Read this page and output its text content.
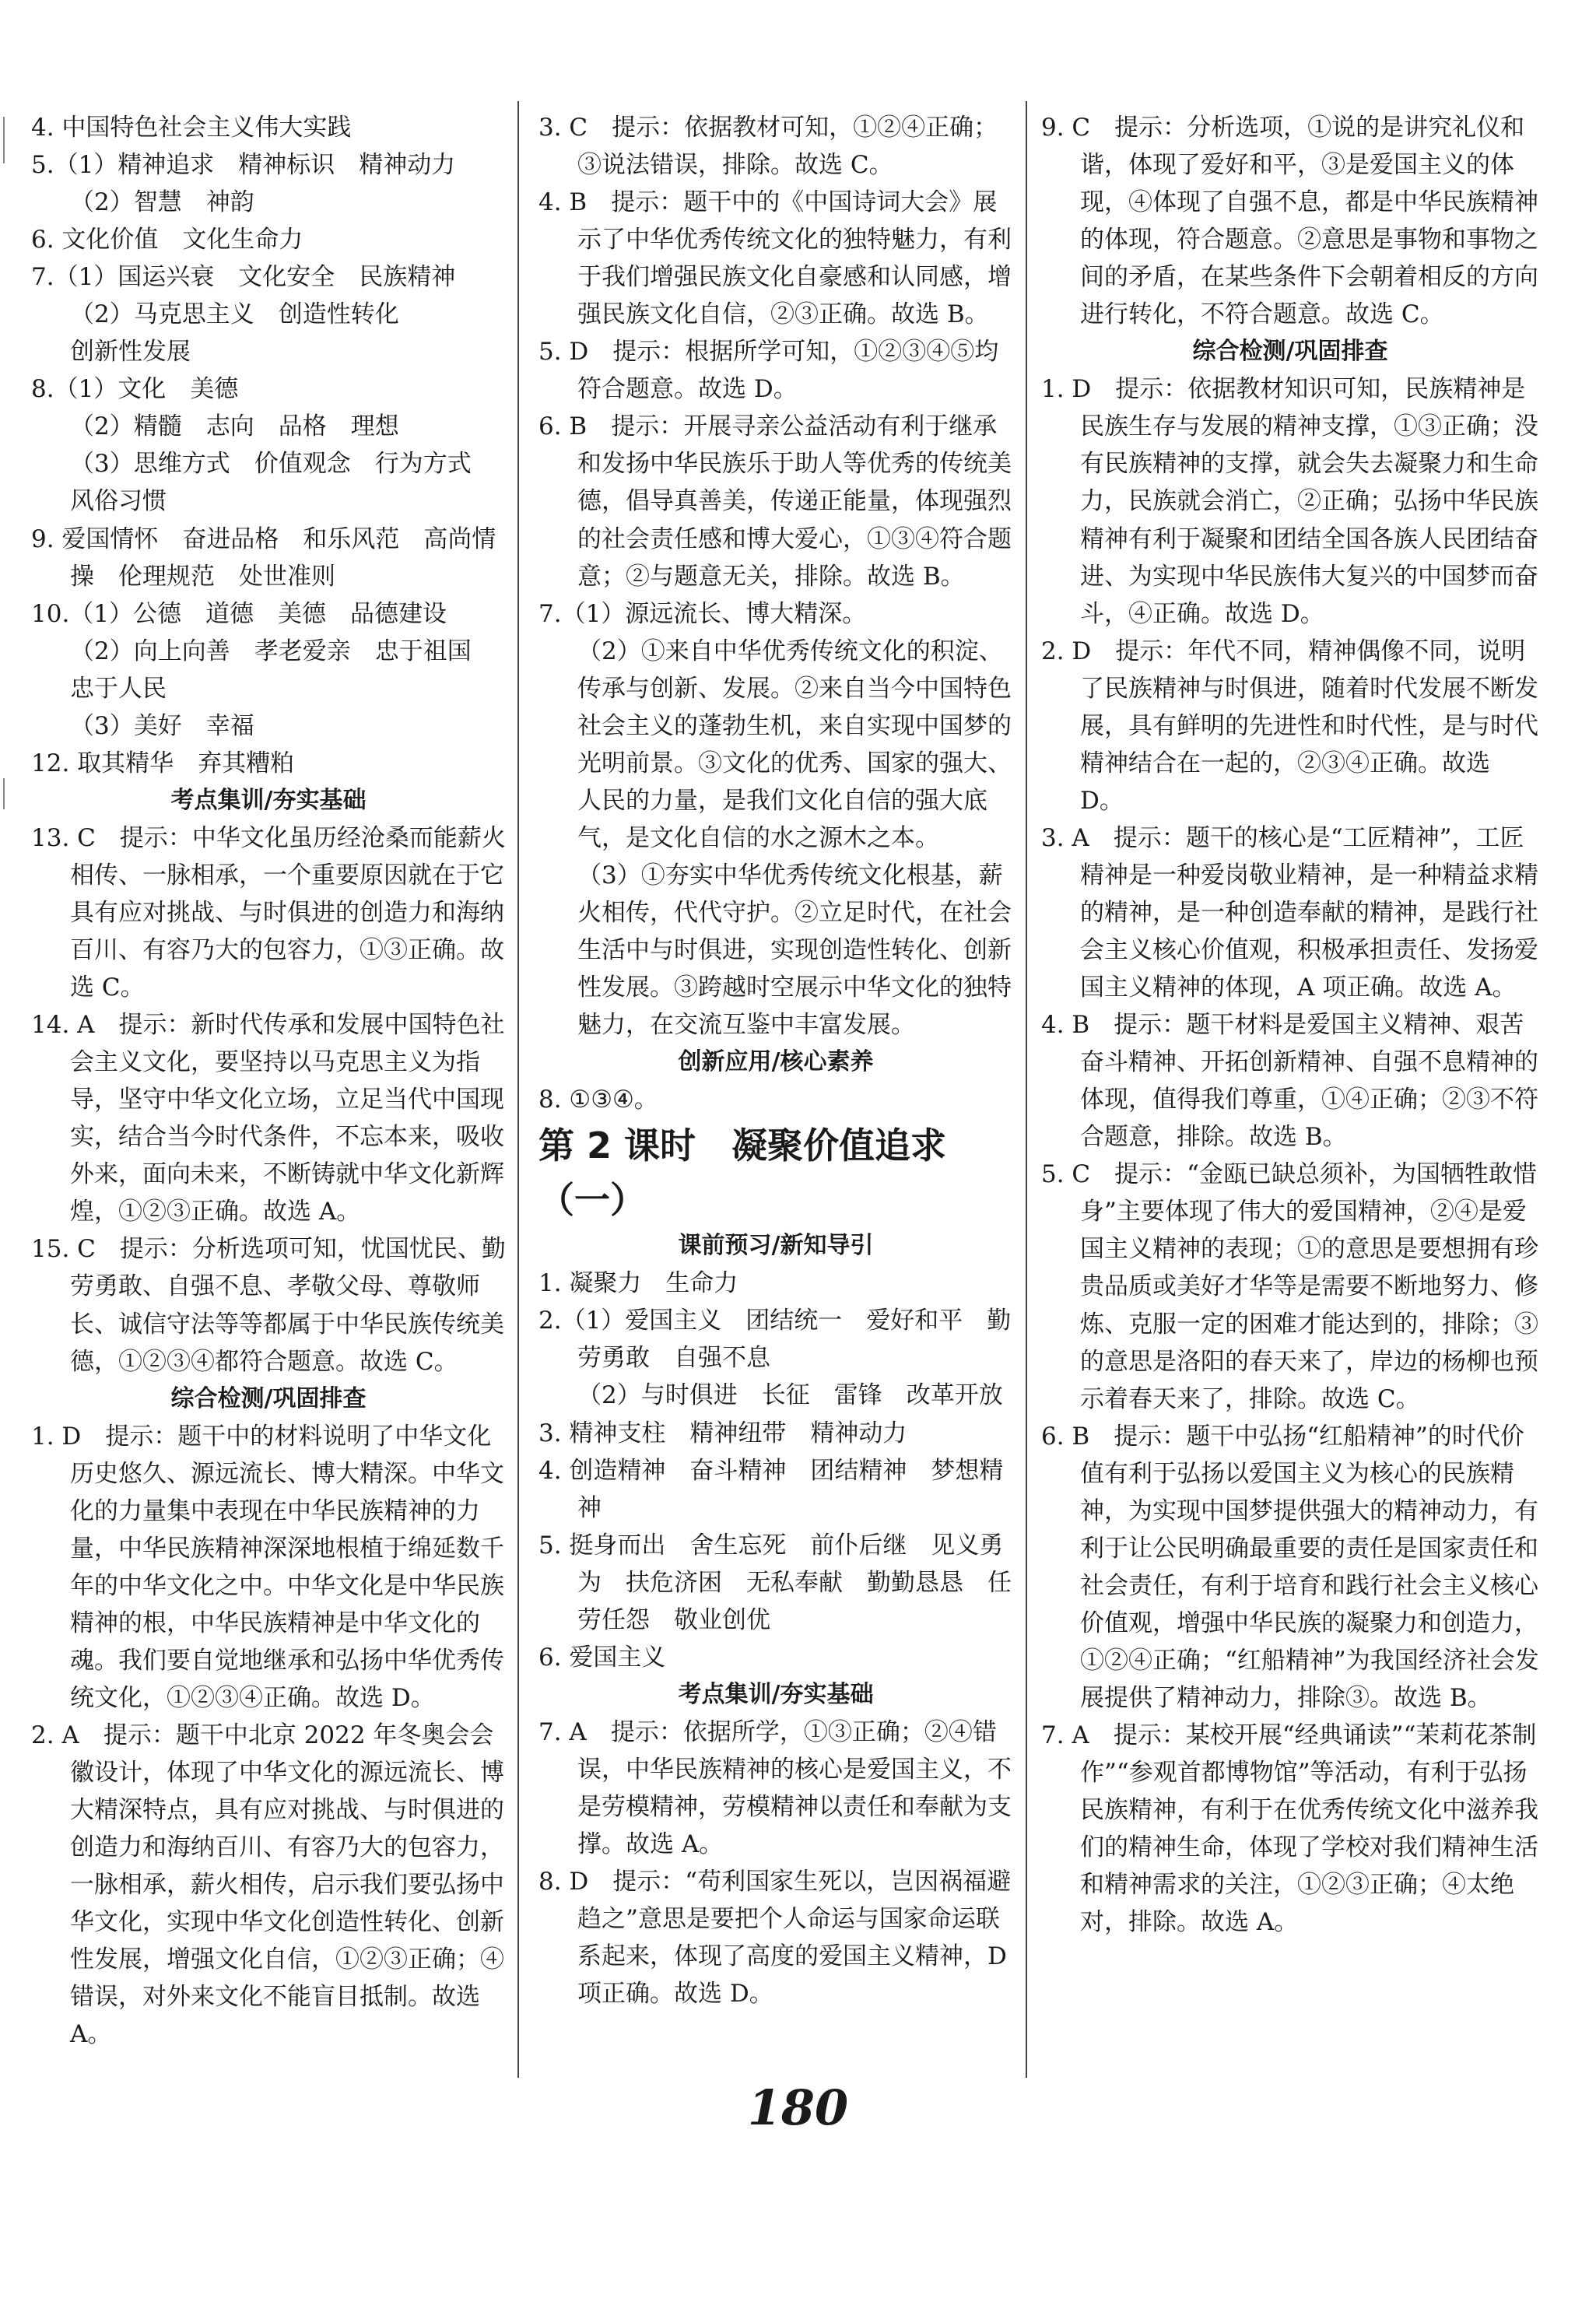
4. 中国特色社会主义伟大实践

5.（1）精神追求　精神标识　精神动力

（2）智慧　神韵

6. 文化价值　文化生命力

7.（1）国运兴衰　文化安全　民族精神

（2）马克思主义　创造性转化

创新性发展

8.（1）文化　美德

（2）精髓　志向　品格　理想

（3）思维方式　价值观念　行为方式

风俗习惯

9. 爱国情怀　奋进品格　和乐风范　高尚情操　伦理规范　处世准则

10.（1）公德　道德　美德　品德建设

（2）向上向善　孝老爱亲　忠于祖国

忠于人民

（3）美好　幸福

12. 取其精华　弃其糟粕

考点集训/夯实基础

13. C　提示：中华文化虽历经沧桑而能薪火相传、一脉相承，一个重要原因就在于它具有应对挑战、与时俱进的创造力和海纳百川、有容乃大的包容力，①③正确。故选 C。

14. A　提示：新时代传承和发展中国特色社会主义文化，要坚持以马克思主义为指导，坚守中华文化立场，立足当代中国现实，结合当今时代条件，不忘本来，吸收外来，面向未来，不断铸就中华文化新辉煌，①②③正确。故选 A。

15. C　提示：分析选项可知，忧国忧民、勤劳勇敢、自强不息、孝敬父母、尊敬师长、诚信守法等等都属于中华民族传统美德，①②③④都符合题意。故选 C。

综合检测/巩固排查

1. D　提示：题干中的材料说明了中华文化历史悠久、源远流长、博大精深。中华文化的力量集中表现在中华民族精神的力量，中华民族精神深深地根植于绵延数千年的中华文化之中。中华文化是中华民族精神的根，中华民族精神是中华文化的魂。我们要自觉地继承和弘扬中华优秀传统文化，①②③④正确。故选 D。

2. A　提示：题干中北京 2022 年冬奥会会徽设计，体现了中华文化的源远流长、博大精深特点，具有应对挑战、与时俱进的创造力和海纳百川、有容乃大的包容力，一脉相承，薪火相传，启示我们要弘扬中华文化，实现中华文化创造性转化、创新性发展，增强文化自信，①②③正确；④错误，对外来文化不能盲目抵制。故选 A。

3. C　提示：依据教材可知，①②④正确；③说法错误，排除。故选 C。

4. B　提示：题干中的《中国诗词大会》展示了中华优秀传统文化的独特魅力，有利于我们增强民族文化自豪感和认同感，增强民族文化自信，②③正确。故选 B。

5. D　提示：根据所学可知，①②③④⑤均符合题意。故选 D。

6. B　提示：开展寻亲公益活动有利于继承和发扬中华民族乐于助人等优秀的传统美德，倡导真善美，传递正能量，体现强烈的社会责任感和博大爱心，①③④符合题意；②与题意无关，排除。故选 B。

7.（1）源远流长、博大精深。

（2）①来自中华优秀传统文化的积淀、传承与创新、发展。②来自当今中国特色社会主义的蓬勃生机，来自实现中国梦的光明前景。③文化的优秀、国家的强大、人民的力量，是我们文化自信的强大底气，是文化自信的水之源木之本。

（3）①夯实中华优秀传统文化根基，薪火相传，代代守护。②立足时代，在社会生活中与时俱进，实现创造性转化、创新性发展。③跨越时空展示中华文化的独特魅力，在交流互鉴中丰富发展。

创新应用/核心素养

8. ①③④。

第 2 课时　凝聚价值追求（一）

课前预习/新知导引

1. 凝聚力　生命力

2.（1）爱国主义　团结统一　爱好和平　勤劳勇敢　自强不息

（2）与时俱进　长征　雷锋　改革开放

3. 精神支柱　精神纽带　精神动力

4. 创造精神　奋斗精神　团结精神　梦想精神

5. 挺身而出　舍生忘死　前仆后继　见义勇为　扶危济困　无私奉献　勤勤恳恳　任劳任怨　敬业创优

6. 爱国主义

考点集训/夯实基础

7. A　提示：依据所学，①③正确；②④错误，中华民族精神的核心是爱国主义，不是劳模精神，劳模精神以责任和奉献为支撑。故选 A。

8. D　提示：“苟利国家生死以，岂因祸福避趋之”意思是要把个人命运与国家命运联系起来，体现了高度的爱国主义精神，D 项正确。故选 D。

9. C　提示：分析选项，①说的是讲究礼仪和谐，体现了爱好和平，③是爱国主义的体现，④体现了自强不息，都是中华民族精神的体现，符合题意。②意思是事物和事物之间的矛盾，在某些条件下会朝着相反的方向进行转化，不符合题意。故选 C。

综合检测/巩固排查

1. D　提示：依据教材知识可知，民族精神是民族生存与发展的精神支撑，①③正确；没有民族精神的支撑，就会失去凝聚力和生命力，民族就会消亡，②正确；弘扬中华民族精神有利于凝聚和团结全国各族人民团结奋进、为实现中华民族伟大复兴的中国梦而奋斗，④正确。故选 D。

2. D　提示：年代不同，精神偶像不同，说明了民族精神与时俱进，随着时代发展不断发展，具有鲜明的先进性和时代性，是与时代精神结合在一起的，②③④正确。故选 D。

3. A　提示：题干的核心是“工匠精神”，工匠精神是一种爱岗敬业精神，是一种精益求精的精神，是一种创造奉献的精神，是践行社会主义核心价值观，积极承担责任、发扬爱国主义精神的体现，A 项正确。故选 A。

4. B　提示：题干材料是爱国主义精神、艰苦奋斗精神、开拓创新精神、自强不息精神的体现，值得我们尊重，①④正确；②③不符合题意，排除。故选 B。

5. C　提示：“金瓯已缺总须补，为国牺牲敢惜身”主要体现了伟大的爱国精神，②④是爱国主义精神的表现；①的意思是要想拥有珍贵品质或美好才华等是需要不断地努力、修炼、克服一定的困难才能达到的，排除；③的意思是洛阳的春天来了，岸边的杨柳也预示着春天来了，排除。故选 C。

6. B　提示：题干中弘扬“红船精神”的时代价值有利于弘扬以爱国主义为核心的民族精神，为实现中国梦提供强大的精神动力，有利于让公民明确最重要的责任是国家责任和社会责任，有利于培育和践行社会主义核心价值观，增强中华民族的凝聚力和创造力，①②④正确；“红船精神”为我国经济社会发展提供了精神动力，排除③。故选 B。

7. A　提示：某校开展“经典诵读”“茉莉花茶制作”“参观首都博物馆”等活动，有利于弘扬民族精神，有利于在优秀传统文化中滋养我们的精神生命，体现了学校对我们精神生活和精神需求的关注，①②③正确；④太绝对，排除。故选 A。

180
